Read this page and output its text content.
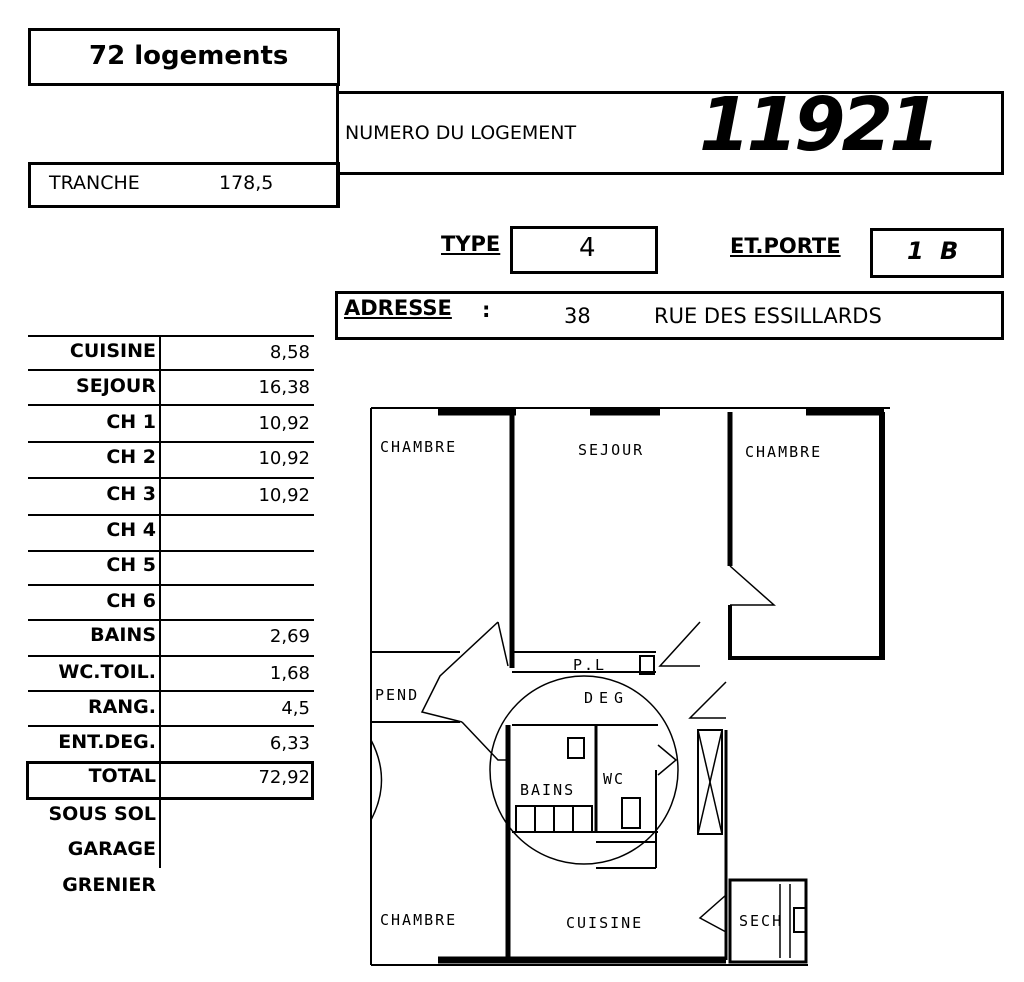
72 logements
NUMERO DU LOGEMENT 11921
TRANCHE	178,5
TYPE	4	ET.PORTE	1 B
ADRESSE :	38	RUE DES ESSILLARDS
CUISINE	8,58
SEJOUR	16,38
CH 1	10,92
CH 2	10,92
CH 3	10,92
CH 4
CH 5
CH 6
BAINS	2,69
WC.TOIL.	1,68
RANG.	4,5
ENT.DEG.	6,33
TOTAL	72,92
SOUS SOL
GARAGE
GRENIER
CHAMBRE	SEJOUR	CHAMBRE
P.L
PEND	DEG
BAINS
WC
CHAMBRE	CUISINE	SECH
